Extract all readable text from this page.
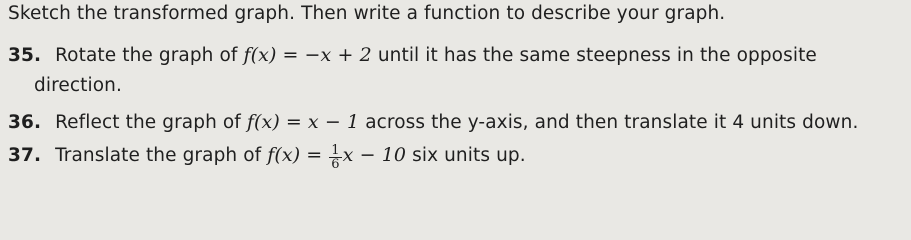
Sketch the transformed graph. Then write a function to describe your graph.
35. Rotate the graph of f(x) = −x + 2 until it has the same steepness in the opposite
direction.
36. Reflect the graph of f(x) = x − 1 across the y-axis, and then translate it 4 units down.
37. Translate the graph of $f(x) = \frac{1}{6}$ x − 10 six units up.
